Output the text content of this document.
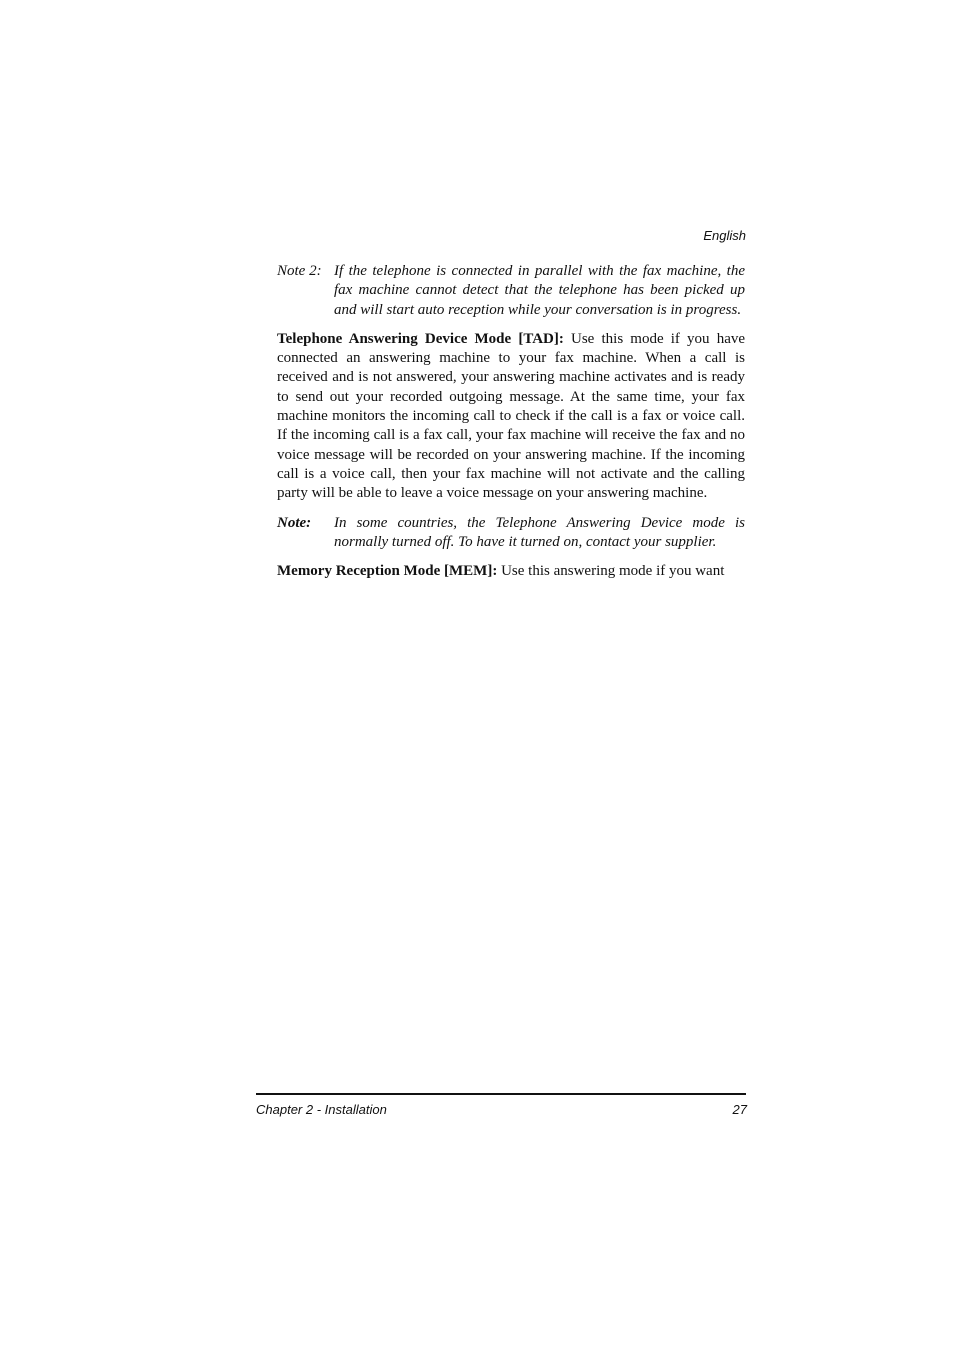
English
Note 2: If the telephone is connected in parallel with the fax machine, the fax machine cannot detect that the telephone has been picked up and will start auto reception while your conversation is in progress.

Telephone Answering Device Mode [TAD]: Use this mode if you have connected an answering machine to your fax machine. When a call is received and is not answered, your answering machine activates and is ready to send out your recorded outgoing message. At the same time, your fax machine monitors the incoming call to check if the call is a fax or voice call. If the incoming call is a fax call, your fax machine will receive the fax and no voice message will be recorded on your answering machine. If the incoming call is a voice call, then your fax machine will not activate and the calling party will be able to leave a voice message on your answering machine.

Note:	In some countries, the Telephone Answering Device mode is normally turned off. To have it turned on, contact your supplier.

Memory Reception Mode [MEM]: Use this answering mode if you want

Chapter 2 - Installation	27
